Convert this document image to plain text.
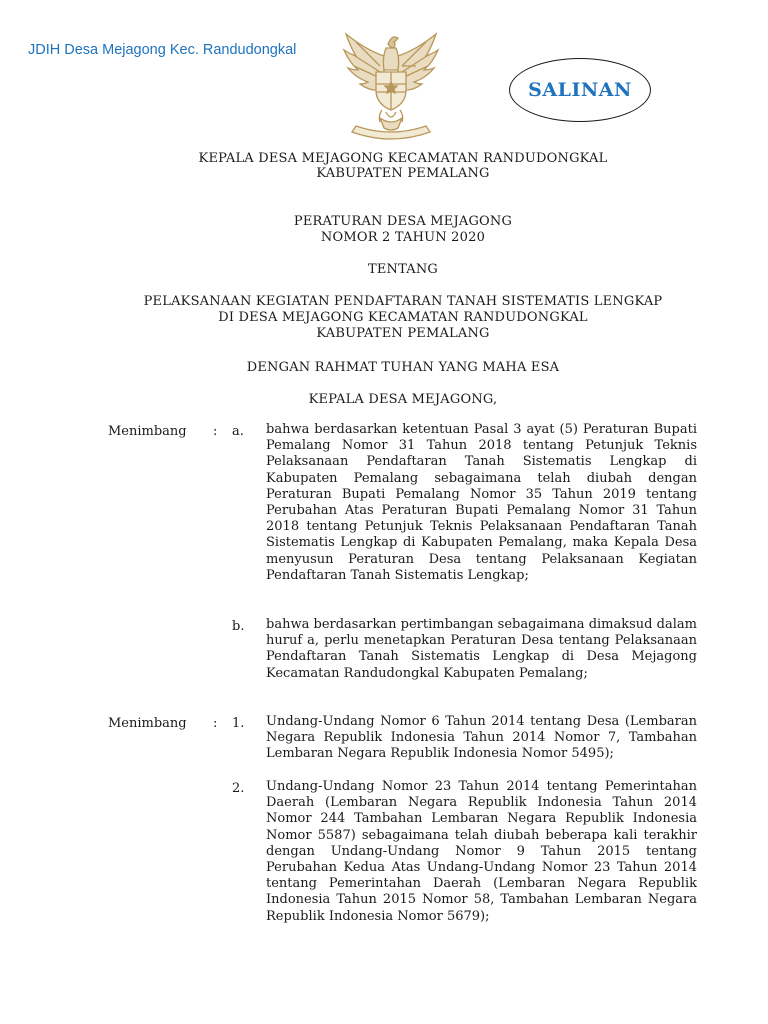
JDIH Desa Mejagong Kec. Randudongkal
SALINAN
KEPALA DESA MEJAGONG KECAMATAN RANDUDONGKAL
KABUPATEN PEMALANG
PERATURAN DESA MEJAGONG
NOMOR 2 TAHUN 2020
TENTANG
PELAKSANAAN KEGIATAN PENDAFTARAN TANAH SISTEMATIS LENGKAP
DI DESA MEJAGONG KECAMATAN RANDUDONGKAL
KABUPATEN PEMALANG
DENGAN RAHMAT TUHAN YANG MAHA ESA
KEPALA DESA MEJAGONG,
Menimbang : a. bahwa berdasarkan ketentuan Pasal 3 ayat (5) Peraturan Bupati Pemalang Nomor 31 Tahun 2018 tentang Petunjuk Teknis Pelaksanaan Pendaftaran Tanah Sistematis Lengkap di Kabupaten Pemalang sebagaimana telah diubah dengan Peraturan Bupati Pemalang Nomor 35 Tahun 2019 tentang Perubahan Atas Peraturan Bupati Pemalang Nomor 31 Tahun 2018 tentang Petunjuk Teknis Pelaksanaan Pendaftaran Tanah Sistematis Lengkap di Kabupaten Pemalang, maka Kepala Desa menyusun Peraturan Desa tentang Pelaksanaan Kegiatan Pendaftaran Tanah Sistematis Lengkap;
b. bahwa berdasarkan pertimbangan sebagaimana dimaksud dalam huruf a, perlu menetapkan Peraturan Desa tentang Pelaksanaan Pendaftaran Tanah Sistematis Lengkap di Desa Mejagong Kecamatan Randudongkal Kabupaten Pemalang;
Menimbang : 1. Undang-Undang Nomor 6 Tahun 2014 tentang Desa (Lembaran Negara Republik Indonesia Tahun 2014 Nomor 7, Tambahan Lembaran Negara Republik Indonesia Nomor 5495);
2. Undang-Undang Nomor 23 Tahun 2014 tentang Pemerintahan Daerah (Lembaran Negara Republik Indonesia Tahun 2014 Nomor 244 Tambahan Lembaran Negara Republik Indonesia Nomor 5587) sebagaimana telah diubah beberapa kali terakhir dengan Undang-Undang Nomor 9 Tahun 2015 tentang Perubahan Kedua Atas Undang-Undang Nomor 23 Tahun 2014 tentang Pemerintahan Daerah (Lembaran Negara Republik Indonesia Tahun 2015 Nomor 58, Tambahan Lembaran Negara Republik Indonesia Nomor 5679);
